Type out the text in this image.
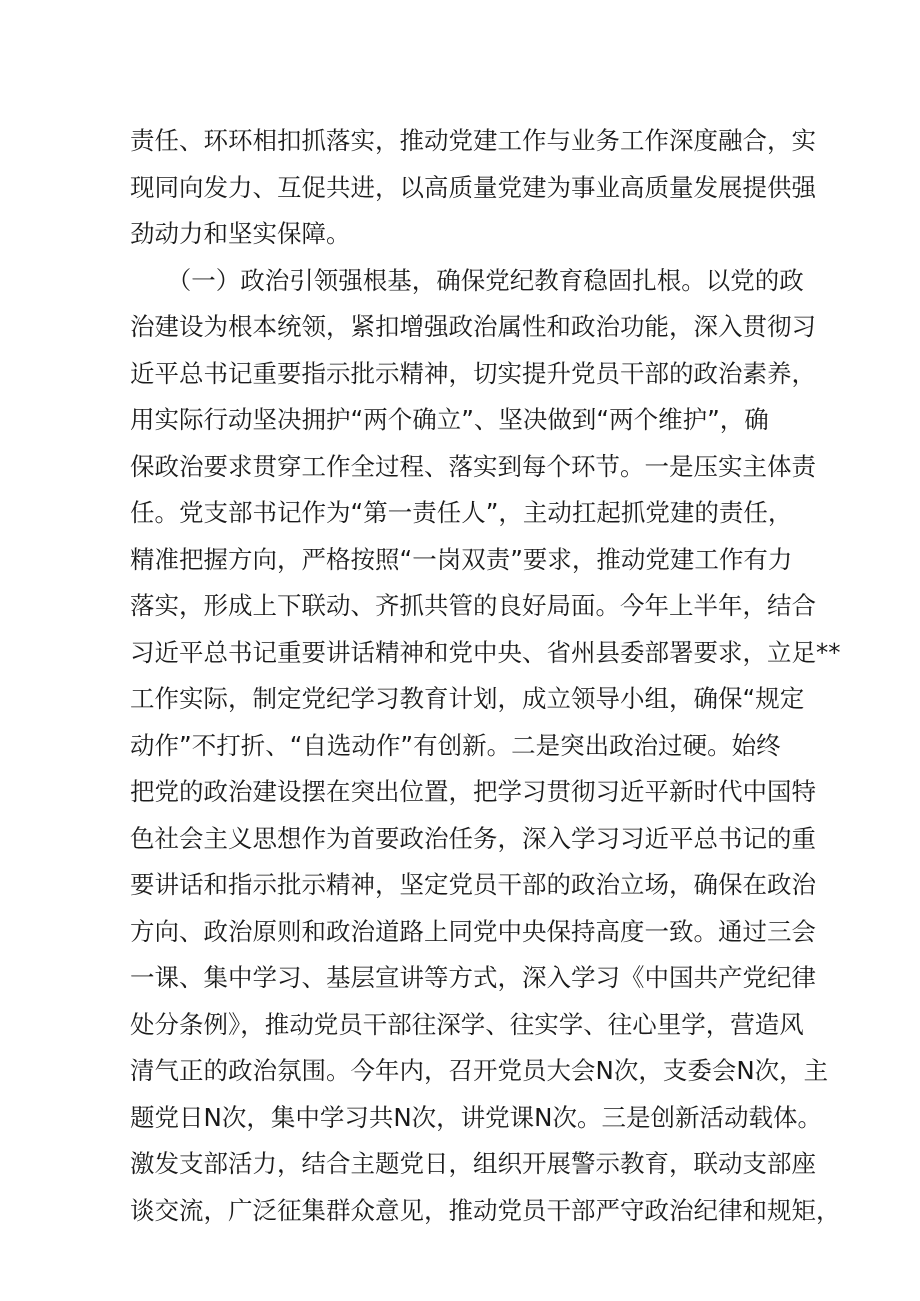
责任、环环相扣抓落实，推动党建工作与业务工作深度融合，实
现同向发力、互促共进，以高质量党建为事业高质量发展提供强
劲动力和坚实保障。
　　（一）政治引领强根基，确保党纪教育稳固扎根。以党的政
治建设为根本统领，紧扣增强政治属性和政治功能，深入贯彻习
近平总书记重要指示批示精神，切实提升党员干部的政治素养，
用实际行动坚决拥护“两个确立”、坚决做到“两个维护”，确
保政治要求贯穿工作全过程、落实到每个环节。一是压实主体责
任。党支部书记作为“第一责任人”，主动扛起抓党建的责任，
精准把握方向，严格按照“一岗双责”要求，推动党建工作有力
落实，形成上下联动、齐抓共管的良好局面。今年上半年，结合
习近平总书记重要讲话精神和党中央、省州县委部署要求，立足**
工作实际，制定党纪学习教育计划，成立领导小组，确保“规定
动作”不打折、“自选动作”有创新。二是突出政治过硬。始终
把党的政治建设摆在突出位置，把学习贯彻习近平新时代中国特
色社会主义思想作为首要政治任务，深入学习习近平总书记的重
要讲话和指示批示精神，坚定党员干部的政治立场，确保在政治
方向、政治原则和政治道路上同党中央保持高度一致。通过三会
一课、集中学习、基层宣讲等方式，深入学习《中国共产党纪律
处分条例》，推动党员干部往深学、往实学、往心里学，营造风
清气正的政治氛围。今年内，召开党员大会N次，支委会N次，主
题党日N次，集中学习共N次，讲党课N次。三是创新活动载体。
激发支部活力，结合主题党日，组织开展警示教育，联动支部座
谈交流，广泛征集群众意见，推动党员干部严守政治纪律和规矩，
